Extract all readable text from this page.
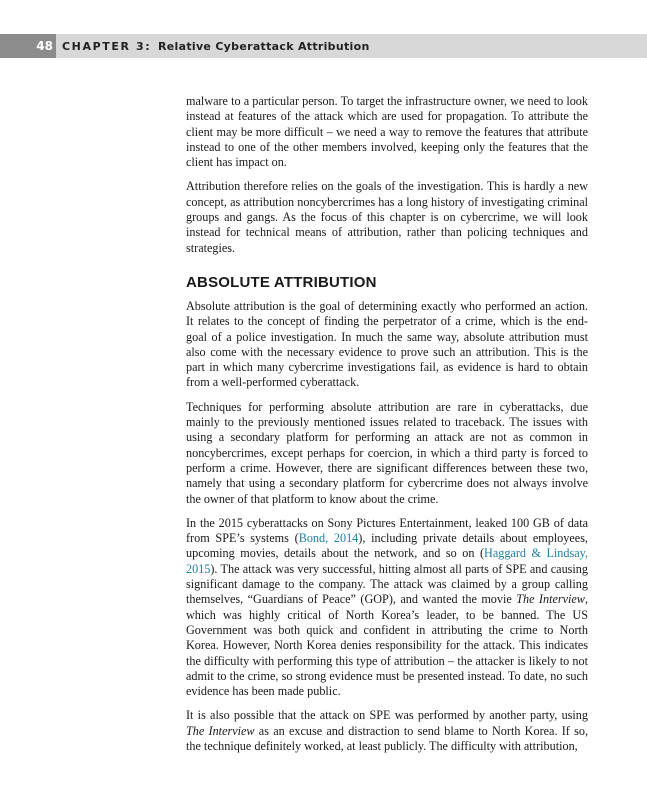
48 CHAPTER 3: Relative Cyberattack Attribution

malware to a particular person. To target the infrastructure owner, we need to look instead at features of the attack which are used for propagation. To attribute the client may be more difficult – we need a way to remove the features that attribute instead to one of the other members involved, keeping only the features that the client has impact on.

Attribution therefore relies on the goals of the investigation. This is hardly a new concept, as attribution noncybercrimes has a long history of investigating criminal groups and gangs. As the focus of this chapter is on cybercrime, we will look instead for technical means of attribution, rather than policing techniques and strategies.

ABSOLUTE ATTRIBUTION

Absolute attribution is the goal of determining exactly who performed an action. It relates to the concept of finding the perpetrator of a crime, which is the end-goal of a police investigation. In much the same way, absolute attribution must also come with the necessary evidence to prove such an attribution. This is the part in which many cybercrime investigations fail, as evidence is hard to obtain from a well-performed cyberattack.

Techniques for performing absolute attribution are rare in cyberattacks, due mainly to the previously mentioned issues related to traceback. The issues with using a secondary platform for performing an attack are not as common in noncybercrimes, except perhaps for coercion, in which a third party is forced to perform a crime. However, there are significant differences between these two, namely that using a secondary platform for cybercrime does not always involve the owner of that platform to know about the crime.

In the 2015 cyberattacks on Sony Pictures Entertainment, leaked 100 GB of data from SPE’s systems (Bond, 2014), including private details about employees, upcoming movies, details about the network, and so on (Haggard & Lindsay, 2015). The attack was very successful, hitting almost all parts of SPE and causing significant damage to the company. The attack was claimed by a group calling themselves, “Guardians of Peace” (GOP), and wanted the movie The Interview, which was highly critical of North Korea’s leader, to be banned. The US Government was both quick and confident in attributing the crime to North Korea. However, North Korea denies responsibility for the attack. This indicates the difficulty with performing this type of attribution – the attacker is likely to not admit to the crime, so strong evidence must be presented instead. To date, no such evidence has been made public.

It is also possible that the attack on SPE was performed by another party, using The Interview as an excuse and distraction to send blame to North Korea. If so, the technique definitely worked, at least publicly. The difficulty with attribution,
